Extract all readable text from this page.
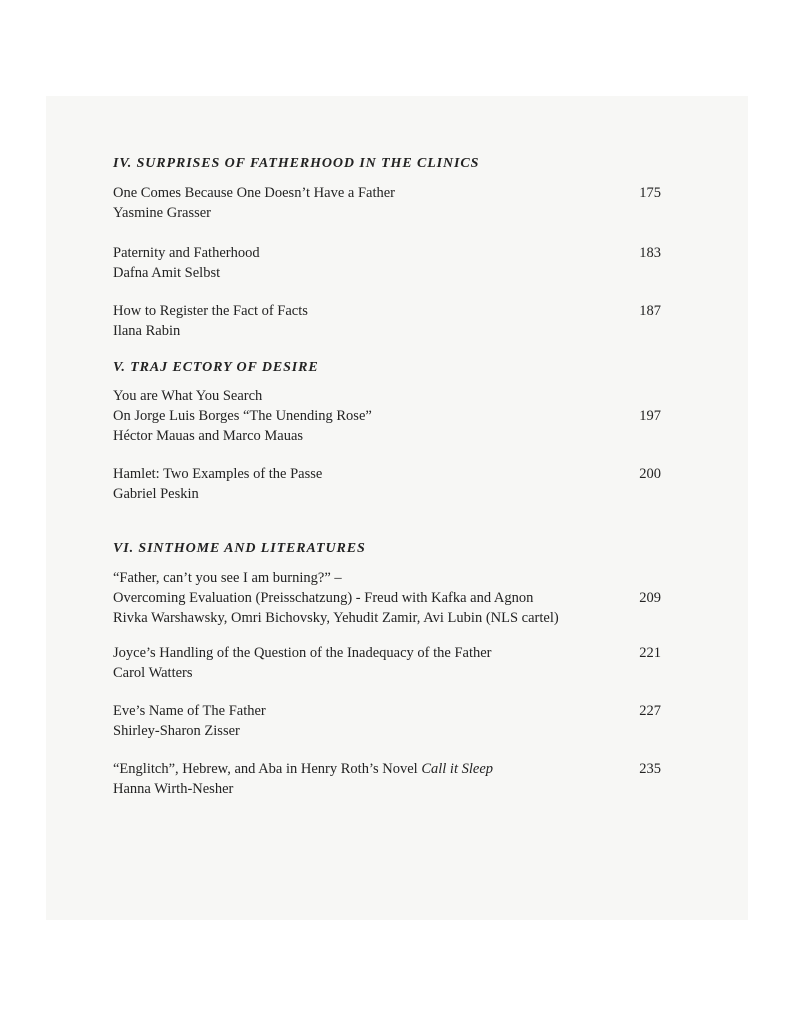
IV. SURPRISES OF FATHERHOOD IN THE CLINICS
One Comes Because One Doesn’t Have a Father
Yasmine Grasser
175
Paternity and Fatherhood
Dafna Amit Selbst
183
How to Register the Fact of Facts
Ilana Rabin
187
V. TRAJ ECTORY OF DESIRE
You are What You Search
On Jorge Luis Borges “The Unending Rose”
Héctor Mauas and Marco Mauas
197
Hamlet: Two Examples of the Passe
Gabriel Peskin
200
VI. SINTHOME AND LITERATURES
“Father, can’t you see I am burning?” –
Overcoming Evaluation (Preisschatzung) - Freud with Kafka and Agnon
Rivka Warshawsky, Omri Bichovsky, Yehudit Zamir, Avi Lubin (NLS cartel)
209
Joyce’s Handling of the Question of the Inadequacy of the Father
Carol Watters
221
Eve’s Name of The Father
Shirley-Sharon Zisser
227
“Englitch”, Hebrew, and Aba in Henry Roth’s Novel Call it Sleep
Hanna Wirth-Nesher
235
